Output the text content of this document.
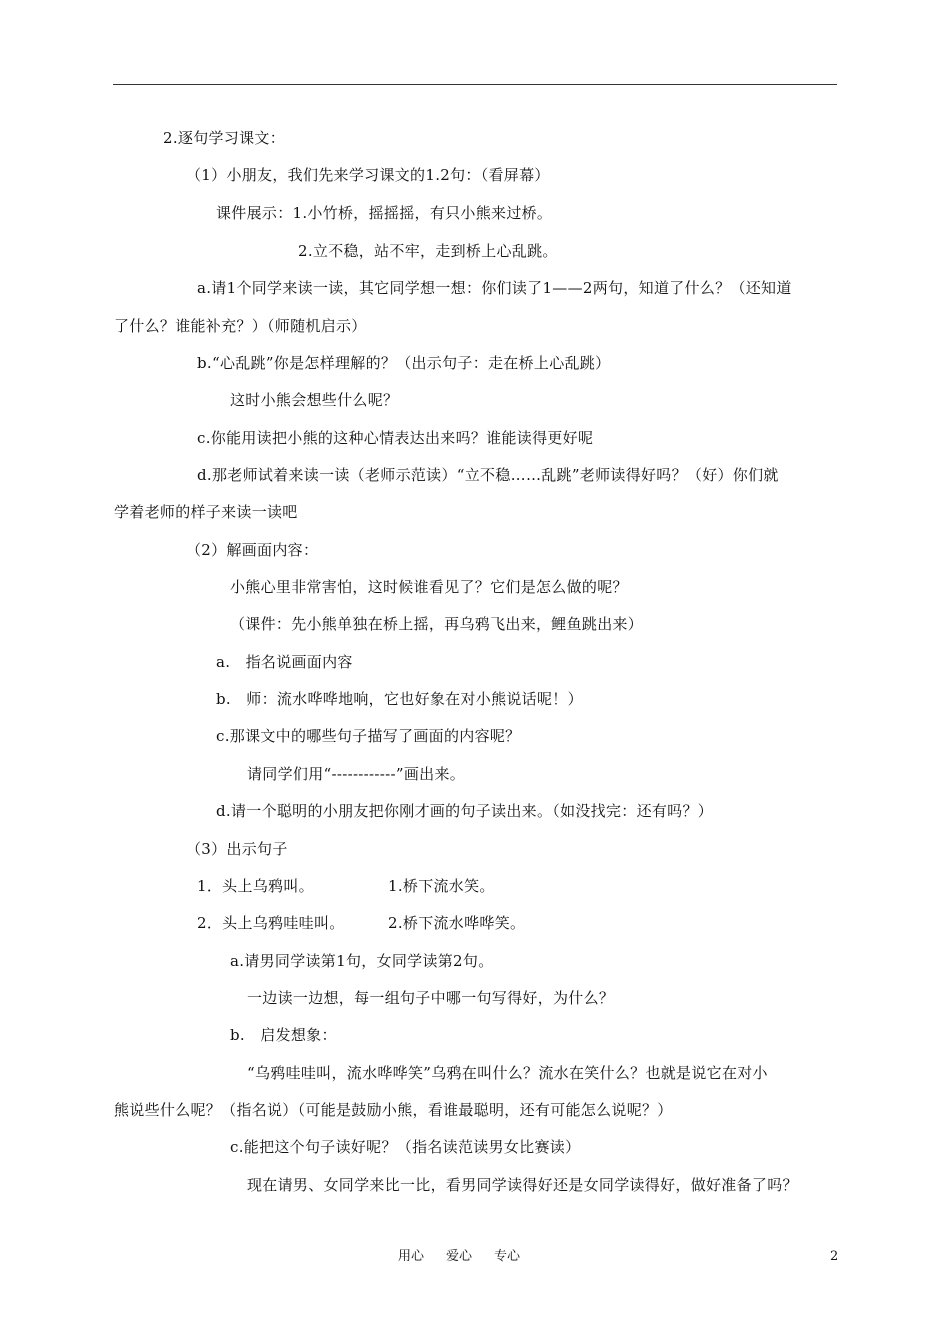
2.逐句学习课文：
（1）小朋友，我们先来学习课文的1.2句：（看屏幕）
课件展示：1.小竹桥，摇摇摇，有只小熊来过桥。
2.立不稳，站不牢，走到桥上心乱跳。
a.请1个同学来读一读，其它同学想一想：你们读了1——2两句，知道了什么？（还知道
了什么？谁能补充？）（师随机启示）
b.“心乱跳”你是怎样理解的？（出示句子：走在桥上心乱跳）
这时小熊会想些什么呢？
c.你能用读把小熊的这种心情表达出来吗？谁能读得更好呢
d.那老师试着来读一读（老师示范读）“立不稳……乱跳”老师读得好吗？（好）你们就
学着老师的样子来读一读吧
（2）解画面内容：
小熊心里非常害怕，这时候谁看见了？它们是怎么做的呢？
（课件：先小熊单独在桥上摇，再乌鸦飞出来，鲤鱼跳出来）
a.　指名说画面内容
b.　师：流水哗哗地响，它也好象在对小熊说话呢！）
c.那课文中的哪些句子描写了画面的内容呢？
请同学们用“------------”画出来。
d.请一个聪明的小朋友把你刚才画的句子读出来。（如没找完：还有吗？）
（3）出示句子
1．头上乌鸦叫。	1.桥下流水笑。
2．头上乌鸦哇哇叫。	2.桥下流水哗哗笑。
a.请男同学读第1句，女同学读第2句。
一边读一边想，每一组句子中哪一句写得好，为什么？
b.　启发想象：
“乌鸦哇哇叫，流水哗哗笑”乌鸦在叫什么？流水在笑什么？也就是说它在对小
熊说些什么呢？（指名说）（可能是鼓励小熊，看谁最聪明，还有可能怎么说呢？）
c.能把这个句子读好呢？（指名读范读男女比赛读）
现在请男、女同学来比一比，看男同学读得好还是女同学读得好，做好准备了吗？
用心 爱心 专心	2
